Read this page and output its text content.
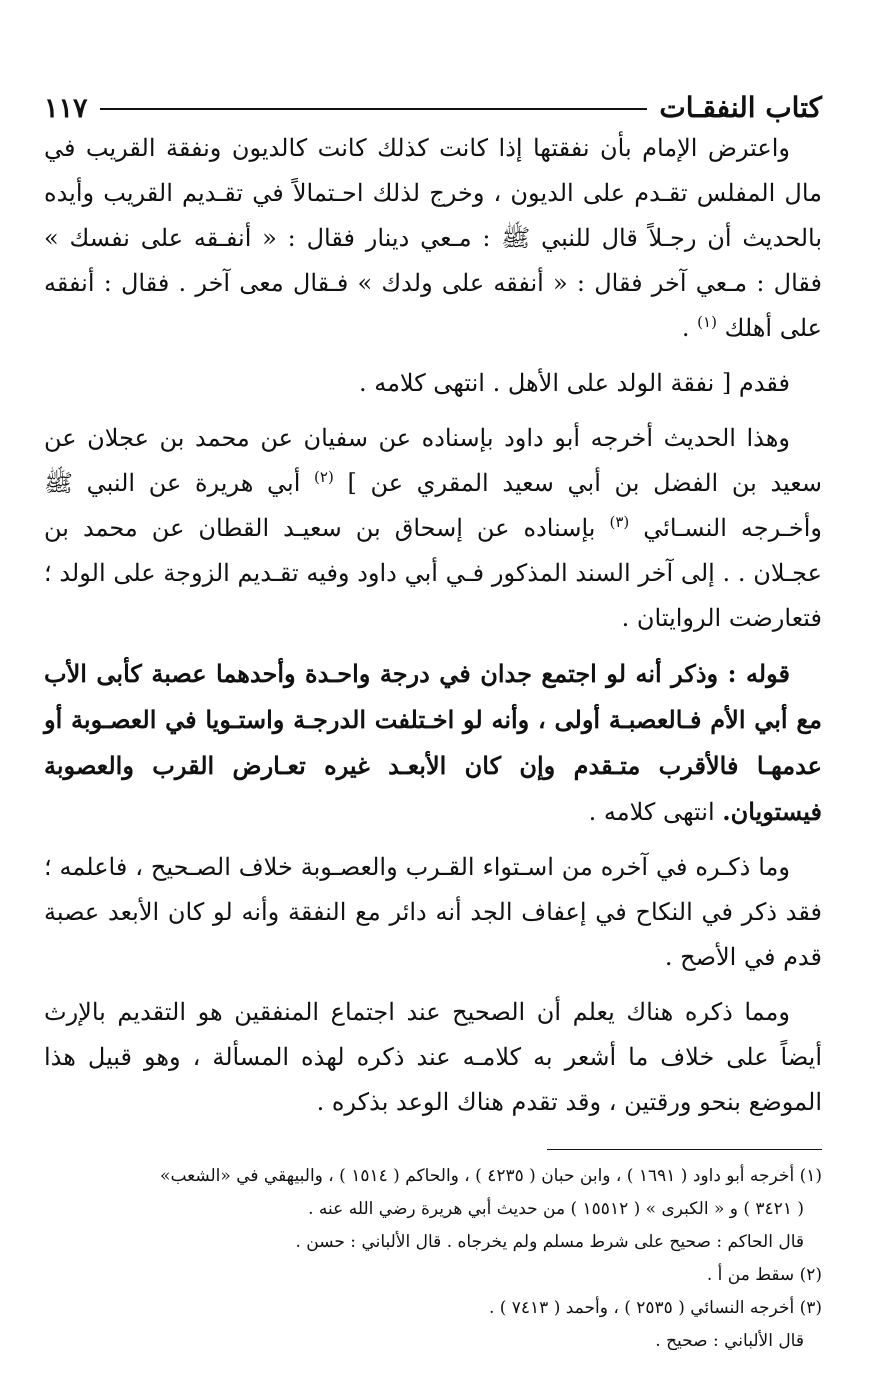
كتاب النفقـات
١١٧

واعترض الإمام بأن نفقتها إذا كانت كذلك كانت كالديون ونفقة القريب في مال المفلس تقـدم على الديون ، وخرج لذلك احـتمالاً في تقـديم القريب وأيده بالحديث أن رجـلاً قال للنبي ﷺ : مـعي دينار فقال : « أنفـقه على نفسك » فقال : مـعي آخر فقال : « أنفقه على ولدك » فـقال معى آخر . فقال : أنفقه على أهلك $^{(١)}$ .

فقدم [ نفقة الولد على الأهل . انتهى كلامه .

وهذا الحديث أخرجه أبو داود بإسناده عن سفيان عن محمد بن عجلان عن سعيد بن الفضل بن أبي سعيد المقري عن ] $^{(٢)}$ أبي هريرة عن النبي ﷺ وأخـرجه النسـائي $^{(٣)}$ بإسناده عن إسحاق بن سعيـد القطان عن محمد بن عجـلان . . إلى آخر السند المذكور فـي أبي داود وفيه تقـديم الزوجة على الولد ؛ فتعارضت الروايتان .

قوله : وذكر أنه لو اجتمع جدان في درجة واحـدة وأحدهما عصبة كأبى الأب مع أبي الأم فـالعصبـة أولى ، وأنه لو اخـتلفت الدرجـة واستـويا في العصـوبة أو عدمهـا فالأقرب متـقدم وإن كان الأبعـد غيره تعـارض القرب والعصوبة فيستويان. انتهى كلامه .

وما ذكـره في آخره من اسـتواء القـرب والعصـوبة خلاف الصـحيح ، فاعلمه ؛ فقد ذكر في النكاح في إعفاف الجد أنه دائر مع النفقة وأنه لو كان الأبعد عصبة قدم في الأصح .

ومما ذكره هناك يعلم أن الصحيح عند اجتماع المنفقين هو التقديم بالإرث أيضاً على خلاف ما أشعر به كلامـه عند ذكره لهذه المسألة ، وهو قبيل هذا الموضع بنحو ورقتين ، وقد تقدم هناك الوعد بذكره .

(١) أخرجه أبو داود ( ١٦٩١ ) ، وابن حبان ( ٤٢٣٥ ) ، والحاكم ( ١٥١٤ ) ، والبيهقي في «الشعب»

( ٣٤٢١ ) و « الكبرى » ( ١٥٥١٢ ) من حديث أبي هريرة رضي الله عنه .

قال الحاكم : صحيح على شرط مسلم ولم يخرجاه . قال الألباني : حسن .

(٢) سقط من أ .

(٣) أخرجه النسائي ( ٢٥٣٥ ) ، وأحمد ( ٧٤١٣ ) .

قال الألباني : صحيح .
